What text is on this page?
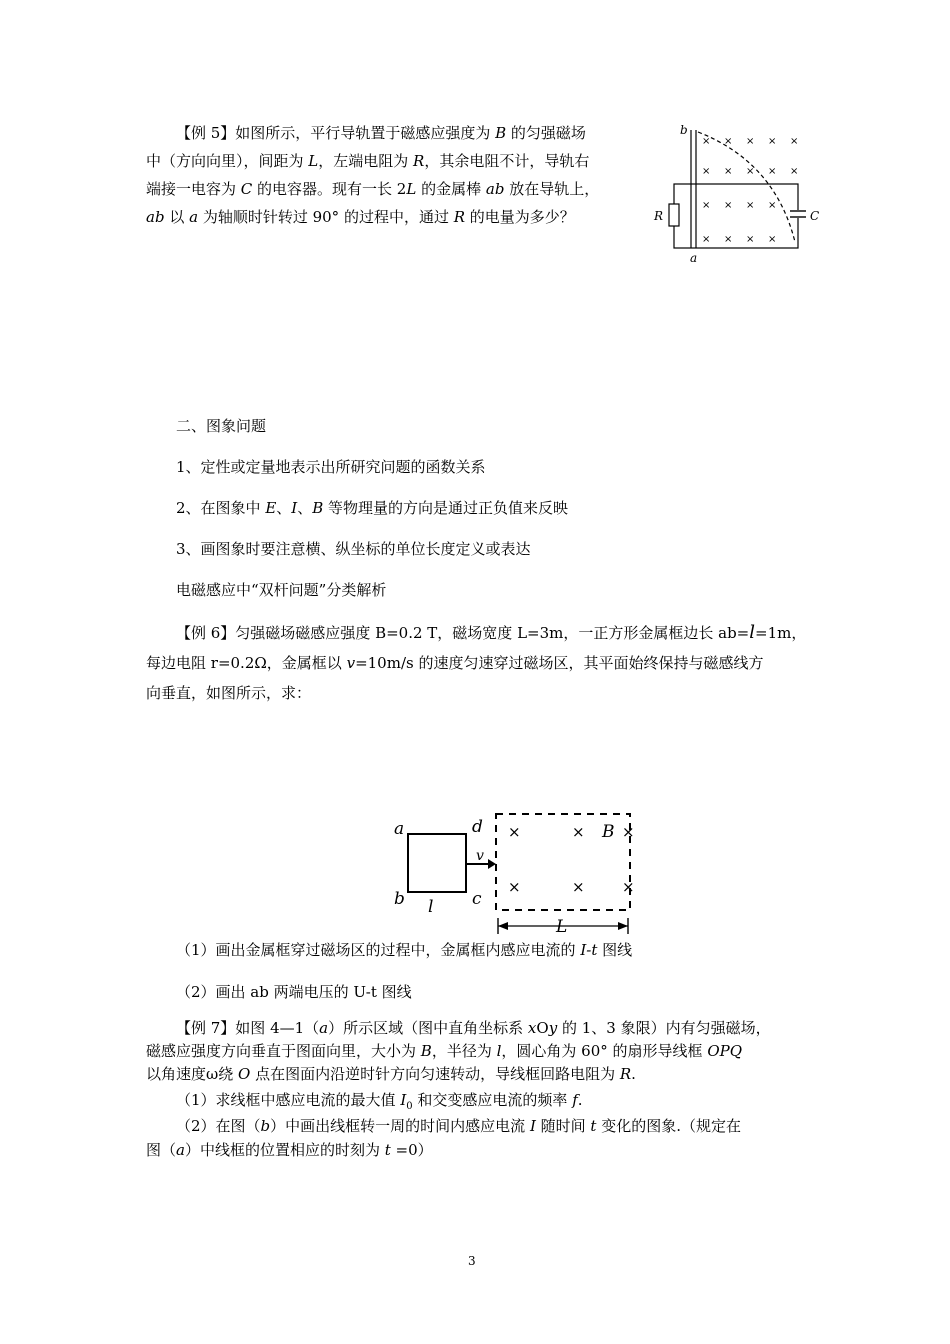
【例 5】如图所示，平行导轨置于磁感应强度为 B 的匀强磁场
中（方向向里），间距为 L，左端电阻为 R，其余电阻不计，导轨右
端接一电容为 C 的电容器。现有一长 2L 的金属棒 ab 放在导轨上，
ab 以 a 为轴顺时针转过 90° 的过程中，通过 R 的电量为多少？
× × × × ×
× × × × ×
× × × ×
× × × ×
b
a
R	C
二、图象问题
1、定性或定量地表示出所研究问题的函数关系
2、在图象中 E、I、B 等物理量的方向是通过正负值来反映
3、画图象时要注意横、纵坐标的单位长度定义或表达
电磁感应中“双杆问题”分类解析
【例 6】匀强磁场磁感应强度 B=0.2 T，磁场宽度 L=3m，一正方形金属框边长 ab=l=1m，
每边电阻 r=0.2Ω，金属框以 v=10m/s 的速度匀速穿过磁场区，其平面始终保持与磁感线方
向垂直，如图所示，求：
×	× ×
×	× ×
a
b	c
d
v
l
B
L
（1）画出金属框穿过磁场区的过程中，金属框内感应电流的 I-t 图线
（2）画出 ab 两端电压的 U-t 图线
【例 7】如图 4—1（a）所示区域（图中直角坐标系 xOy 的 1、3 象限）内有匀强磁场，
磁感应强度方向垂直于图面向里，大小为 B，半径为 l，圆心角为 60° 的扇形导线框 OPQ
以角速度ω绕 O 点在图面内沿逆时针方向匀速转动，导线框回路电阻为 R.
（1）求线框中感应电流的最大值 $I_0$ 和交变感应电流的频率 f.
（2）在图（b）中画出线框转一周的时间内感应电流 I 随时间 t 变化的图象.（规定在
图（a）中线框的位置相应的时刻为 t =0）
3
